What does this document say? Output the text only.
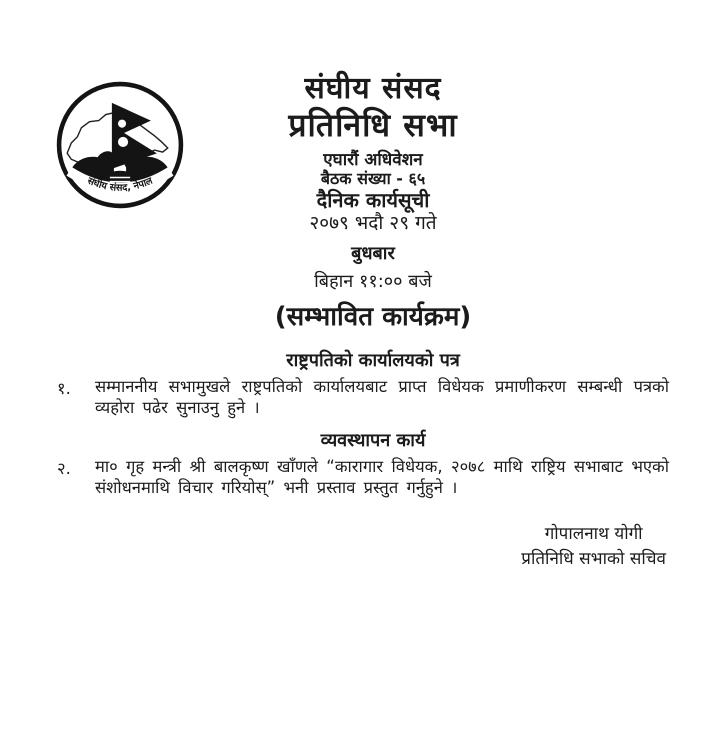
संघीय संसद, नेपाल
संघीय संसद
प्रतिनिधि सभा
एघारौं अधिवेशन
बैठक संख्या - ६५
दैनिक कार्यसूची
२०७९ भदौ २९ गते
बुधबार
बिहान ११:०० बजे
(सम्भावित कार्यक्रम)
राष्ट्रपतिको कार्यालयको पत्र
१.	सम्माननीय सभामुखले राष्ट्रपतिको कार्यालयबाट प्राप्त विधेयक प्रमाणीकरण सम्बन्धी पत्रको व्यहोरा पढेर सुनाउनु हुने ।

व्यवस्थापन कार्य
२.	मा० गृह मन्त्री श्री बालकृष्ण खाँणले “कारागार विधेयक, २०७८ माथि राष्ट्रिय सभाबाट भएको संशोधनमाथि विचार गरियोस्” भनी प्रस्ताव प्रस्तुत गर्नुहुने ।

गोपालनाथ योगी
प्रतिनिधि सभाको सचिव
